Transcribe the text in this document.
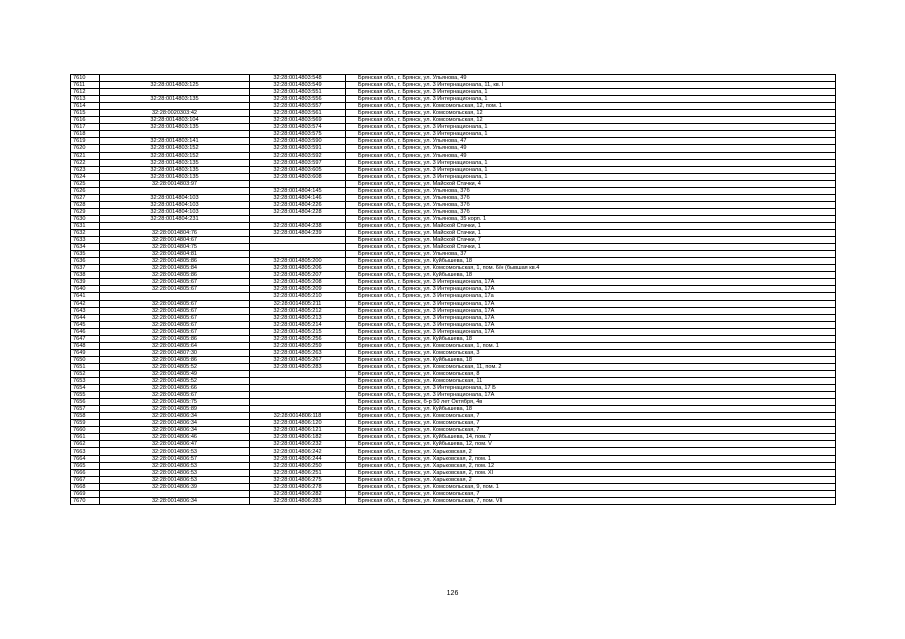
7610		32:28:0014803:548	Брянская обл., г. Брянск, ул. Ульянова, 49
7611	32:28:0014803:125	32:28:0014803:549	Брянская обл., г. Брянск, ул. 3 Интернационала, 11, кв. I
7612		32:28:0014803:551	Брянская обл., г. Брянск, ул. 3 Интернационала, 1
7613	32:28:0014803:135	32:28:0014803:556	Брянская обл., г. Брянск, ул. 3 Интернационала, 1
7614		32:28:0014803:557	Брянская обл., г. Брянск, ул. Комсомольская, 12, пом. 1
7615	32:28:0020303:42	32:28:0014803:561	Брянская обл., г. Брянск, ул. Комсомольская, 12
7616	32:28:0014803:104	32:28:0014803:569	Брянская обл., г. Брянск, ул. Комсомольская, 12
7617	32:28:0014803:135	32:28:0014803:574	Брянская обл., г. Брянск, ул. 3 Интернационала, 1
7618		32:28:0014803:575	Брянская обл., г. Брянск, ул. 3 Интернационала, 1
7619	32:28:0014803:141	32:28:0014803:590	Брянская обл., г. Брянск, ул. Ульянова, 47
7620	32:28:0014803:152	32:28:0014803:591	Брянская обл., г. Брянск, ул. Ульянова, 49
7621	32:28:0014803:152	32:28:0014803:592	Брянская обл., г. Брянск, ул. Ульянова, 49
7622	32:28:0014803:135	32:28:0014803:597	Брянская обл., г. Брянск, ул. 3 Интернационала, 1
7623	32:28:0014803:135	32:28:0014803:605	Брянская обл., г. Брянск, ул. 3 Интернационала, 1
7624	32:28:0014803:135	32:28:0014803:608	Брянская обл., г. Брянск, ул. 3 Интернационала, 1
7625	32:28:0014803:97		Брянская обл., г. Брянск, ул. Майской Стачки, 4
7626		32:28:0014804:145	Брянская обл., г. Брянск, ул. Ульянова, 37б
7627	32:28:0014804:103	32:28:0014804:146	Брянская обл., г. Брянск, ул. Ульянова, 37б
7628	32:28:0014804:103	32:28:0014804:226	Брянская обл., г. Брянск, ул. Ульянова, 37б
7629	32:28:0014804:103	32:28:0014804:228	Брянская обл., г. Брянск, ул. Ульянова, 37б
7630	32:28:0014804:231		Брянская обл., г. Брянск, ул. Ульянова, 35 корп. 1
7631		32:28:0014804:238	Брянская обл., г. Брянск, ул. Майской Стачки, 1
7632	32:28:0014804:76	32:28:0014804:239	Брянская обл., г. Брянск, ул. Майской Стачки, 1
7633	32:28:0014804:67		Брянская обл., г. Брянск, ул. Майской Стачки, 7
7634	32:28:0014804:75		Брянская обл., г. Брянск, ул. Майской Стачки, 1
7635	32:28:0014804:81		Брянская обл., г. Брянск, ул. Ульянова, 37
7636	32:28:0014805:86	32:28:0014805:200	Брянская обл., г. Брянск, ул. Куйбышева, 18
7637	32:28:0014805:84	32:28:0014805:206	Брянская обл., г. Брянск, ул. Комсомольская, 1, пом. 6/н (бывшая кв.4
7638	32:28:0014805:86	32:28:0014805:207	Брянская обл., г. Брянск, ул. Куйбышева, 18
7639	32:28:0014805:67	32:28:0014805:208	Брянская обл., г. Брянск, ул. 3 Интернационала, 17А
7640	32:28:0014805:67	32:28:0014805:209	Брянская обл., г. Брянск, ул. 3 Интернационала, 17А
7641		32:28:0014805:210	Брянская обл., г. Брянск, ул. 3 Интернационала, 17а
7642	32:28:0014805:67	32:28:0014805:211	Брянская обл., г. Брянск, ул. 3 Интернационала, 17А
7643	32:28:0014805:67	32:28:0014805:212	Брянская обл., г. Брянск, ул. 3 Интернационала, 17А
7644	32:28:0014805:67	32:28:0014805:213	Брянская обл., г. Брянск, ул. 3 Интернационала, 17А
7645	32:28:0014805:67	32:28:0014805:214	Брянская обл., г. Брянск, ул. 3 Интернационала, 17А
7646	32:28:0014805:67	32:28:0014805:215	Брянская обл., г. Брянск, ул. 3 Интернационала, 17А
7647	32:28:0014805:86	32:28:0014805:256	Брянская обл., г. Брянск, ул. Куйбышева, 18
7648	32:28:0014805:64	32:28:0014805:259	Брянская обл., г. Брянск, ул. Комсомольская, 1, пом. 1
7649	32:28:0014807:30	32:28:0014805:263	Брянская обл., г. Брянск, ул. Комсомольская, 3
7650	32:28:0014805:86	32:28:0014805:267	Брянская обл., г. Брянск, ул. Куйбышева, 18
7651	32:28:0014805:52	32:28:0014805:283	Брянская обл., г. Брянск, ул. Комсомольская, 11, пом. 2
7652	32:28:0014805:49		Брянская обл., г. Брянск, ул. Комсомольская, 8
7653	32:28:0014805:52		Брянская обл., г. Брянск, ул. Комсомольская, 11
7654	32:28:0014805:66		Брянская обл., г. Брянск, ул. 3 Интернационала, 17 Б
7655	32:28:0014805:67		Брянская обл., г. Брянск, ул. 3 Интернационала, 17А
7656	32:28:0014805:75		Брянская обл., г. Брянск, б-р 50 лет Октября, 4в
7657	32:28:0014805:89		Брянская обл., г. Брянск, ул. Куйбышева, 18
7658	32:28:0014806:34	32:28:0014806:118	Брянская обл., г. Брянск, ул. Комсомольская, 7
7659	32:28:0014806:34	32:28:0014806:120	Брянская обл., г. Брянск, ул. Комсомольская, 7
7660	32:28:0014806:34	32:28:0014806:121	Брянская обл., г. Брянск, ул. Комсомольская, 7
7661	32:28:0014806:46	32:28:0014806:182	Брянская обл., г. Брянск, ул. Куйбышева, 14, пом. 7
7662	32:28:0014806:47	32:28:0014806:232	Брянская обл., г. Брянск, ул. Куйбышева, 12, пом. V
7663	32:28:0014806:53	32:28:0014806:242	Брянская обл., г. Брянск, ул. Харьковская, 2
7664	32:28:0014806:57	32:28:0014806:244	Брянская обл., г. Брянск, ул. Харьковская, 2, пом. 1
7665	32:28:0014806:53	32:28:0014806:250	Брянская обл., г. Брянск, ул. Харьковская, 2, пом. 12
7666	32:28:0014806:53	32:28:0014806:251	Брянская обл., г. Брянск, ул. Харьковская, 2, пом. XI
7667	32:28:0014806:53	32:28:0014806:275	Брянская обл., г. Брянск, ул. Харьковская, 2
7668	32:28:0014806:39	32:28:0014806:278	Брянская обл., г. Брянск, ул. Комсомольская, 9, пом. 1
7669		32:28:0014806:282	Брянская обл., г. Брянск, ул. Комсомольская, 7
7670	32:28:0014806:34	32:28:0014806:283	Брянская обл., г. Брянск, ул. Комсомольская, 7, пом. VII
126
